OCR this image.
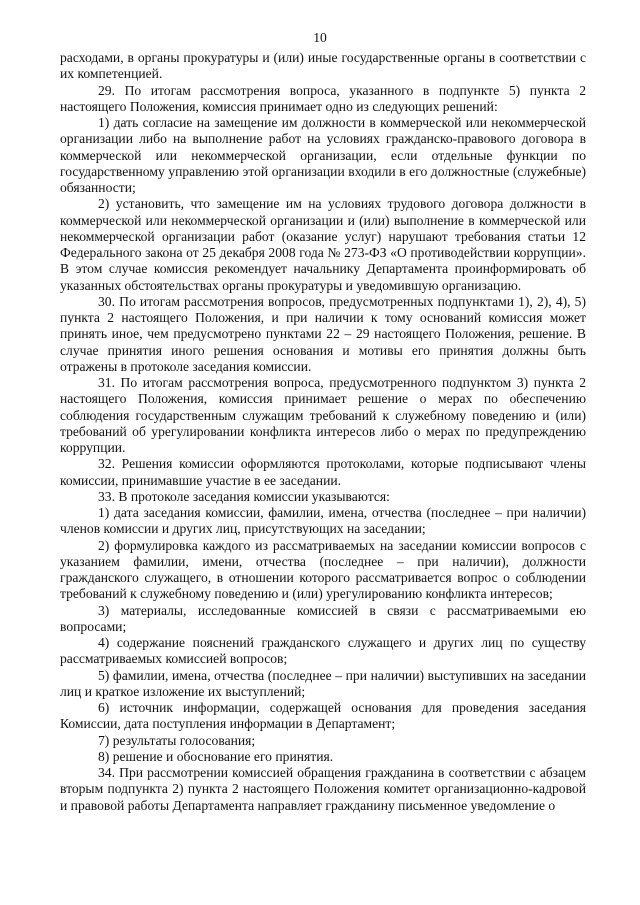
10

расходами, в органы прокуратуры и (или) иные государственные органы в соответствии с их компетенцией.

29. По итогам рассмотрения вопроса, указанного в подпункте 5) пункта 2 настоящего Положения, комиссия принимает одно из следующих решений:

1) дать согласие на замещение им должности в коммерческой или некоммерческой организации либо на выполнение работ на условиях гражданско-правового договора в коммерческой или некоммерческой организации, если отдельные функции по государственному управлению этой организации входили в его должностные (служебные) обязанности;

2) установить, что замещение им на условиях трудового договора должности в коммерческой или некоммерческой организации и (или) выполнение в коммерческой или некоммерческой организации работ (оказание услуг) нарушают требования статьи 12 Федерального закона от 25 декабря 2008 года № 273-ФЗ «О противодействии коррупции». В этом случае комиссия рекомендует начальнику Департамента проинформировать об указанных обстоятельствах органы прокуратуры и уведомившую организацию.

30. По итогам рассмотрения вопросов, предусмотренных подпунктами 1), 2), 4), 5) пункта 2 настоящего Положения, и при наличии к тому оснований комиссия может принять иное, чем предусмотрено пунктами 22 – 29 настоящего Положения, решение. В случае принятия иного решения основания и мотивы его принятия должны быть отражены в протоколе заседания комиссии.

31. По итогам рассмотрения вопроса, предусмотренного подпунктом 3) пункта 2 настоящего Положения, комиссия принимает решение о мерах по обеспечению соблюдения государственным служащим требований к служебному поведению и (или) требований об урегулировании конфликта интересов либо о мерах по предупреждению коррупции.

32. Решения комиссии оформляются протоколами, которые подписывают члены комиссии, принимавшие участие в ее заседании.

33. В протоколе заседания комиссии указываются:

1) дата заседания комиссии, фамилии, имена, отчества (последнее – при наличии) членов комиссии и других лиц, присутствующих на заседании;

2) формулировка каждого из рассматриваемых на заседании комиссии вопросов с указанием фамилии, имени, отчества (последнее – при наличии), должности гражданского служащего, в отношении которого рассматривается вопрос о соблюдении требований к служебному поведению и (или) урегулированию конфликта интересов;

3) материалы, исследованные комиссией в связи с рассматриваемыми ею вопросами;

4) содержание пояснений гражданского служащего и других лиц по существу рассматриваемых комиссией вопросов;

5) фамилии, имена, отчества (последнее – при наличии) выступивших на заседании лиц и краткое изложение их выступлений;

6) источник информации, содержащей основания для проведения заседания Комиссии, дата поступления информации в Департамент;

7) результаты голосования;

8) решение и обоснование его принятия.

34. При рассмотрении комиссией обращения гражданина в соответствии с абзацем вторым подпункта 2) пункта 2 настоящего Положения комитет организационно-кадровой и правовой работы Департамента направляет гражданину письменное уведомление о
